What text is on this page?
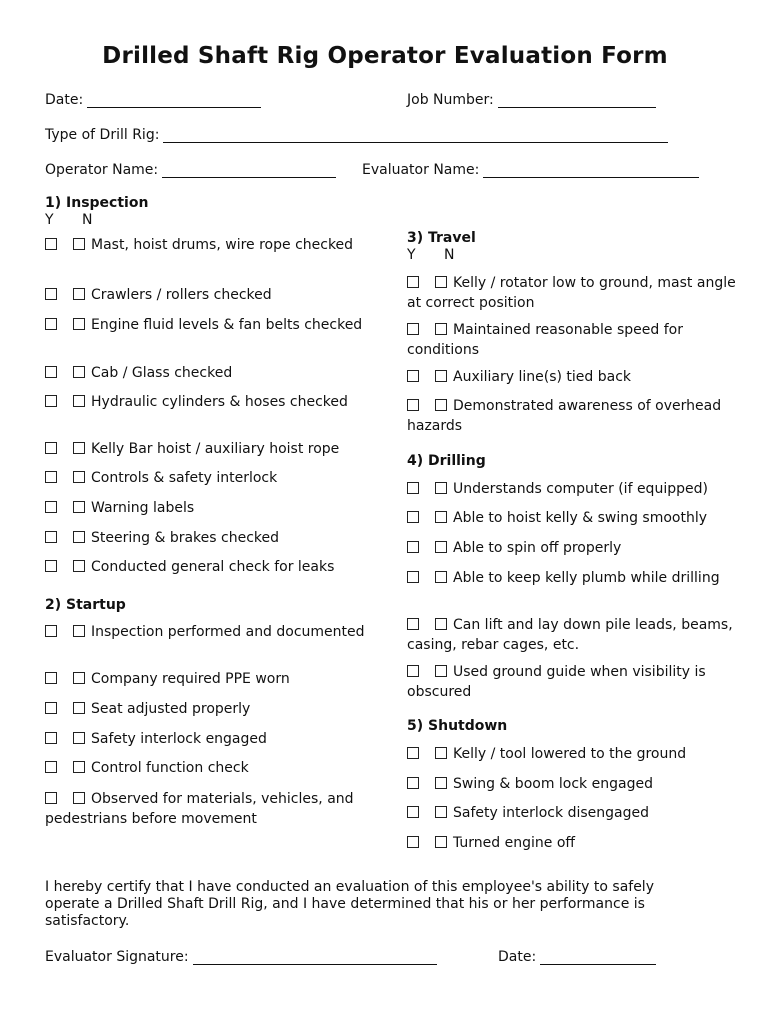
Drilled Shaft Rig Operator Evaluation Form
Date:	Job Number:
Type of Drill Rig:
Operator Name:	Evaluator Name:
1) Inspection
2) Startup
3) Travel
4) Drilling
5) Shutdown
Y N
Y N
Mast, hoist drums, wire rope checked
Crawlers / rollers checked
Engine fluid levels & fan belts checked
Cab / Glass checked
Hydraulic cylinders & hoses checked
Kelly Bar hoist / auxiliary hoist rope
Controls & safety interlock
Warning labels
Steering & brakes checked
Conducted general check for leaks
Inspection performed and documented
Company required PPE worn
Seat adjusted properly
Safety interlock engaged
Control function check
Observed for materials, vehicles, and pedestrians before movement
Kelly / rotator low to ground, mast angle at correct position
Maintained reasonable speed for conditions
Auxiliary line(s) tied back
Demonstrated awareness of overhead hazards
Understands computer (if equipped)
Able to hoist kelly & swing smoothly
Able to spin off properly
Able to keep kelly plumb while drilling
Can lift and lay down pile leads, beams, casing, rebar cages, etc.
Used ground guide when visibility is obscured
Kelly / tool lowered to the ground
Swing & boom lock engaged
Safety interlock disengaged
Turned engine off
I hereby certify that I have conducted an evaluation of this employee's ability to safely operate a Drilled Shaft Drill Rig, and I have determined that his or her performance is satisfactory.
Evaluator Signature:	Date:
